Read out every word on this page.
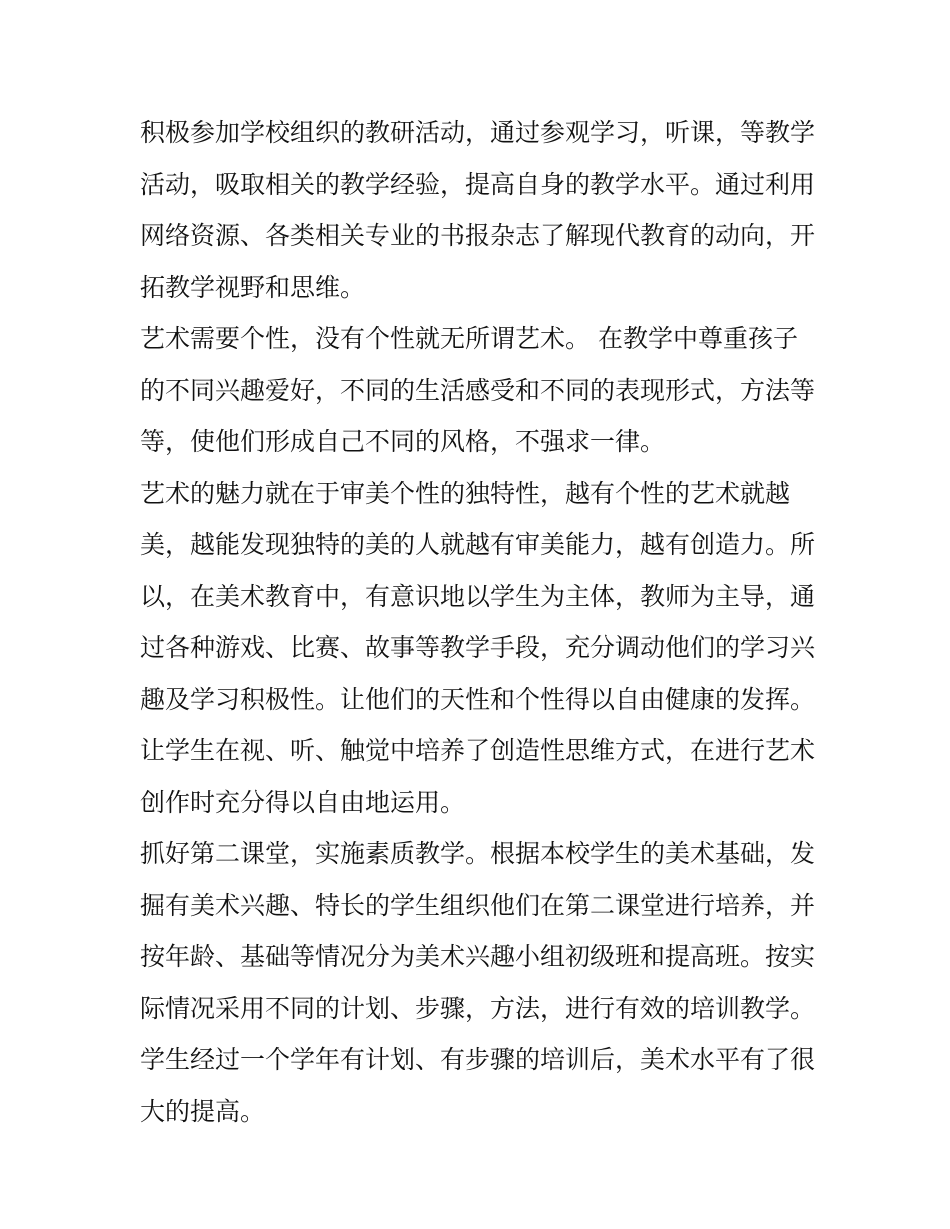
积极参加学校组织的教研活动，通过参观学习，听课，等教学
活动，吸取相关的教学经验，提高自身的教学水平。通过利用
网络资源、各类相关专业的书报杂志了解现代教育的动向，开
拓教学视野和思维。
艺术需要个性，没有个性就无所谓艺术。 在教学中尊重孩子
的不同兴趣爱好，不同的生活感受和不同的表现形式，方法等
等，使他们形成自己不同的风格，不强求一律。
艺术的魅力就在于审美个性的独特性，越有个性的艺术就越
美，越能发现独特的美的人就越有审美能力，越有创造力。所
以，在美术教育中，有意识地以学生为主体，教师为主导，通
过各种游戏、比赛、故事等教学手段，充分调动他们的学习兴
趣及学习积极性。让他们的天性和个性得以自由健康的发挥。
让学生在视、听、触觉中培养了创造性思维方式，在进行艺术
创作时充分得以自由地运用。
抓好第二课堂，实施素质教学。根据本校学生的美术基础，发
掘有美术兴趣、特长的学生组织他们在第二课堂进行培养，并
按年龄、基础等情况分为美术兴趣小组初级班和提高班。按实
际情况采用不同的计划、步骤，方法，进行有效的培训教学。
学生经过一个学年有计划、有步骤的培训后，美术水平有了很
大的提高。
